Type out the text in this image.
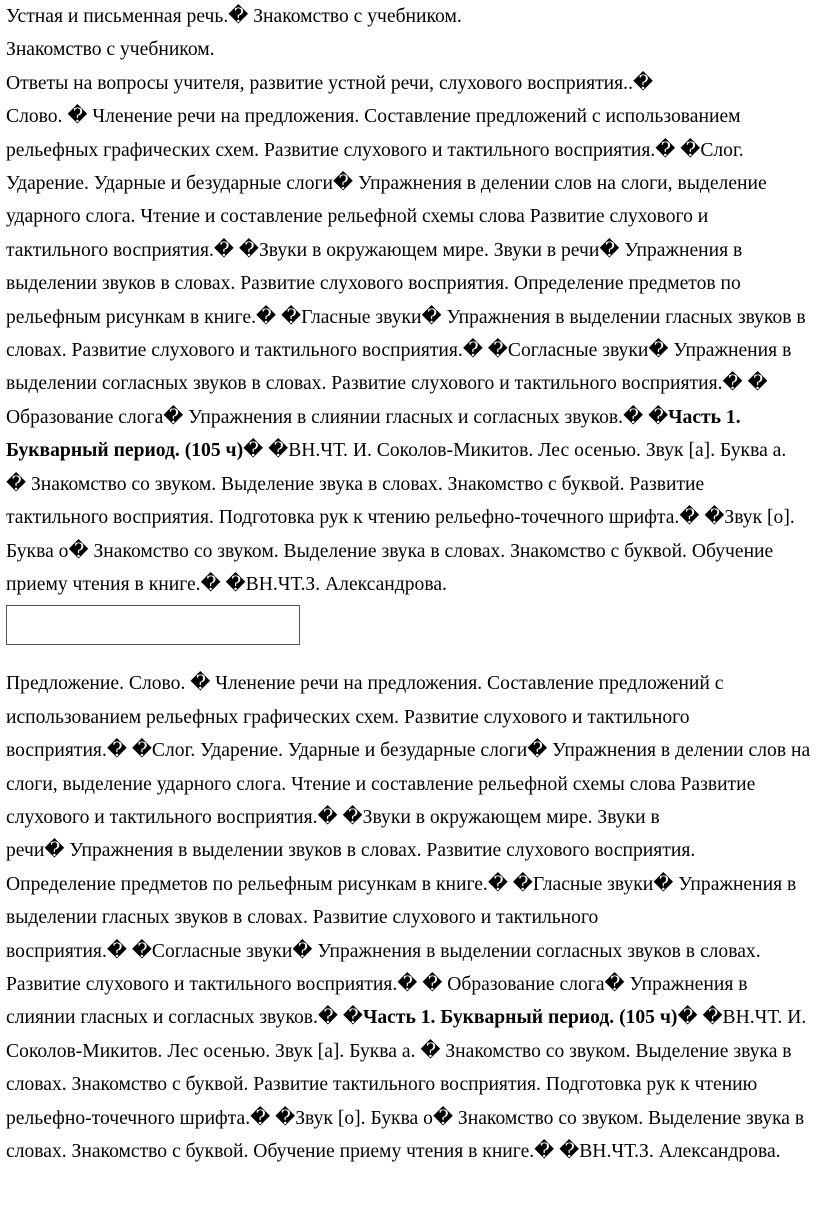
Устная и письменная речь.� Знакомство с учебником.

Знакомство с учебником.

Ответы на вопросы учителя, развитие устной речи, слухового восприятия..�

Слово. � Членение речи на предложения. Составление предложений с использованием

рельефных графических схем. Развитие слухового и тактильного восприятия.� �Слог.

Ударение. Ударные и безударные слоги� Упражнения в делении слов на слоги, выделение

ударного слога. Чтение и составление рельефной схемы слова Развитие слухового и

тактильного восприятия.� �Звуки в окружающем мире. Звуки в речи� Упражнения в

выделении звуков в словах. Развитие слухового восприятия. Определение предметов по

рельефным рисункам в книге.� �Гласные звуки� Упражнения в выделении гласных звуков в

словах. Развитие слухового и тактильного восприятия.� �Согласные звуки� Упражнения в

выделении согласных звуков в словах. Развитие слухового и тактильного восприятия.� �

Образование слога� Упражнения в слиянии гласных и согласных звуков.� �Часть 1.

Букварный период. (105 ч)� �ВН.ЧТ. И. Соколов-Микитов. Лес осенью. Звук [а]. Буква а.

� Знакомство со звуком. Выделение звука в словах. Знакомство с буквой. Развитие

тактильного восприятия. Подготовка рук к чтению рельефно-точечного шрифта.� �Звук [о].

Буква о� Знакомство со звуком. Выделение звука в словах. Знакомство с буквой. Обучение

приему чтения в книге.� �ВН.ЧТ.З. Александрова.

Предложение. Слово. � Членение речи на предложения. Составление предложений с

использованием рельефных графических схем. Развитие слухового и тактильного

восприятия.� �Слог. Ударение. Ударные и безударные слоги� Упражнения в делении слов на

слоги, выделение ударного слога. Чтение и составление рельефной схемы слова Развитие

слухового и тактильного восприятия.� �Звуки в окружающем мире. Звуки в

речи� Упражнения в выделении звуков в словах. Развитие слухового восприятия.

Определение предметов по рельефным рисункам в книге.� �Гласные звуки� Упражнения в

выделении гласных звуков в словах. Развитие слухового и тактильного

восприятия.� �Согласные звуки� Упражнения в выделении согласных звуков в словах.

Развитие слухового и тактильного восприятия.� � Образование слога� Упражнения в

слиянии гласных и согласных звуков.� �Часть 1. Букварный период. (105 ч)� �ВН.ЧТ. И.

Соколов-Микитов. Лес осенью. Звук [а]. Буква а. � Знакомство со звуком. Выделение звука в

словах. Знакомство с буквой. Развитие тактильного восприятия. Подготовка рук к чтению

рельефно-точечного шрифта.� �Звук [о]. Буква о� Знакомство со звуком. Выделение звука в

словах. Знакомство с буквой. Обучение приему чтения в книге.� �ВН.ЧТ.З. Александрова.
